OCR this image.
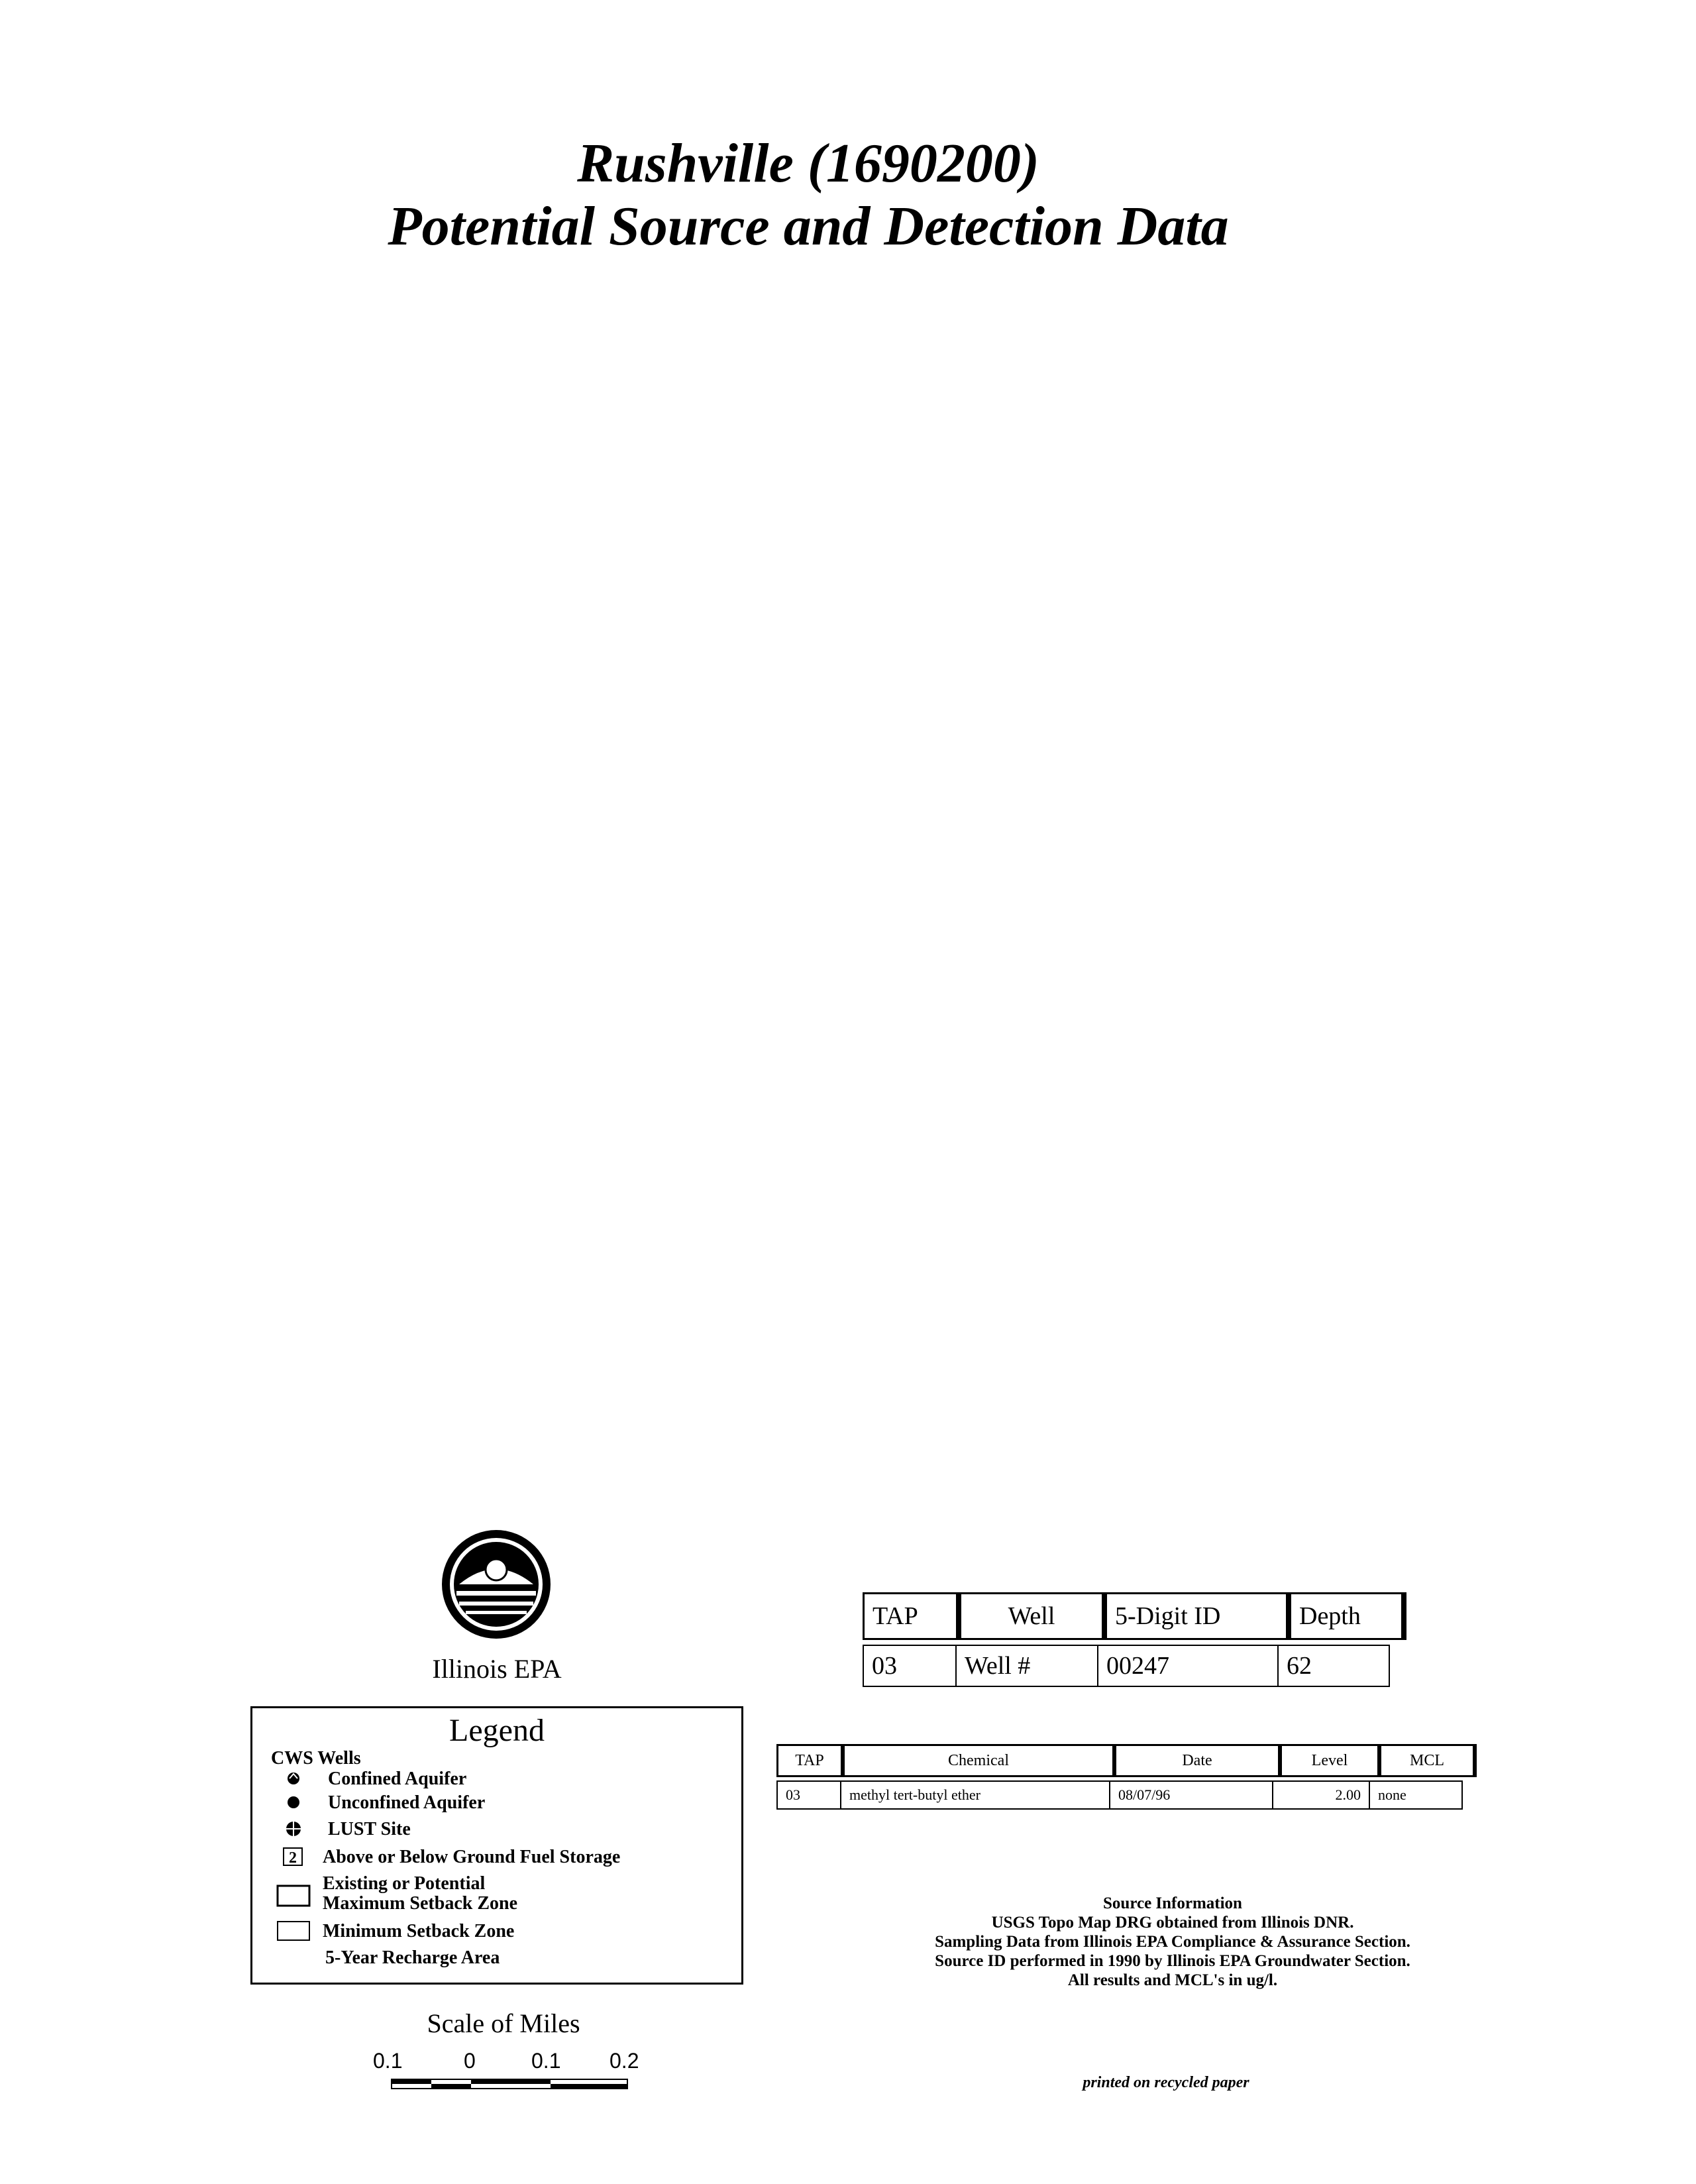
Rushville (1690200)
Potential Source and Detection Data
Illinois EPA
Legend
CWS Wells
Confined Aquifer
Unconfined Aquifer
LUST Site
2 Above or Below Ground Fuel Storage
Existing or Potential
Maximum Setback Zone
Minimum Setback Zone
5-Year Recharge Area
Scale of Miles
0.1	0	0.1 0.2
TAP	Well	5-Digit ID	Depth
03	Well #	00247	62
TAP	Chemical	Date	Level	MCL
03	methyl tert-butyl ether	08/07/96	2.00	none
Source Information
USGS Topo Map DRG obtained from Illinois DNR.
Sampling Data from Illinois EPA Compliance & Assurance Section.
Source ID performed in 1990 by Illinois EPA Groundwater Section.
All results and MCL's in ug/l.
printed on recycled paper
